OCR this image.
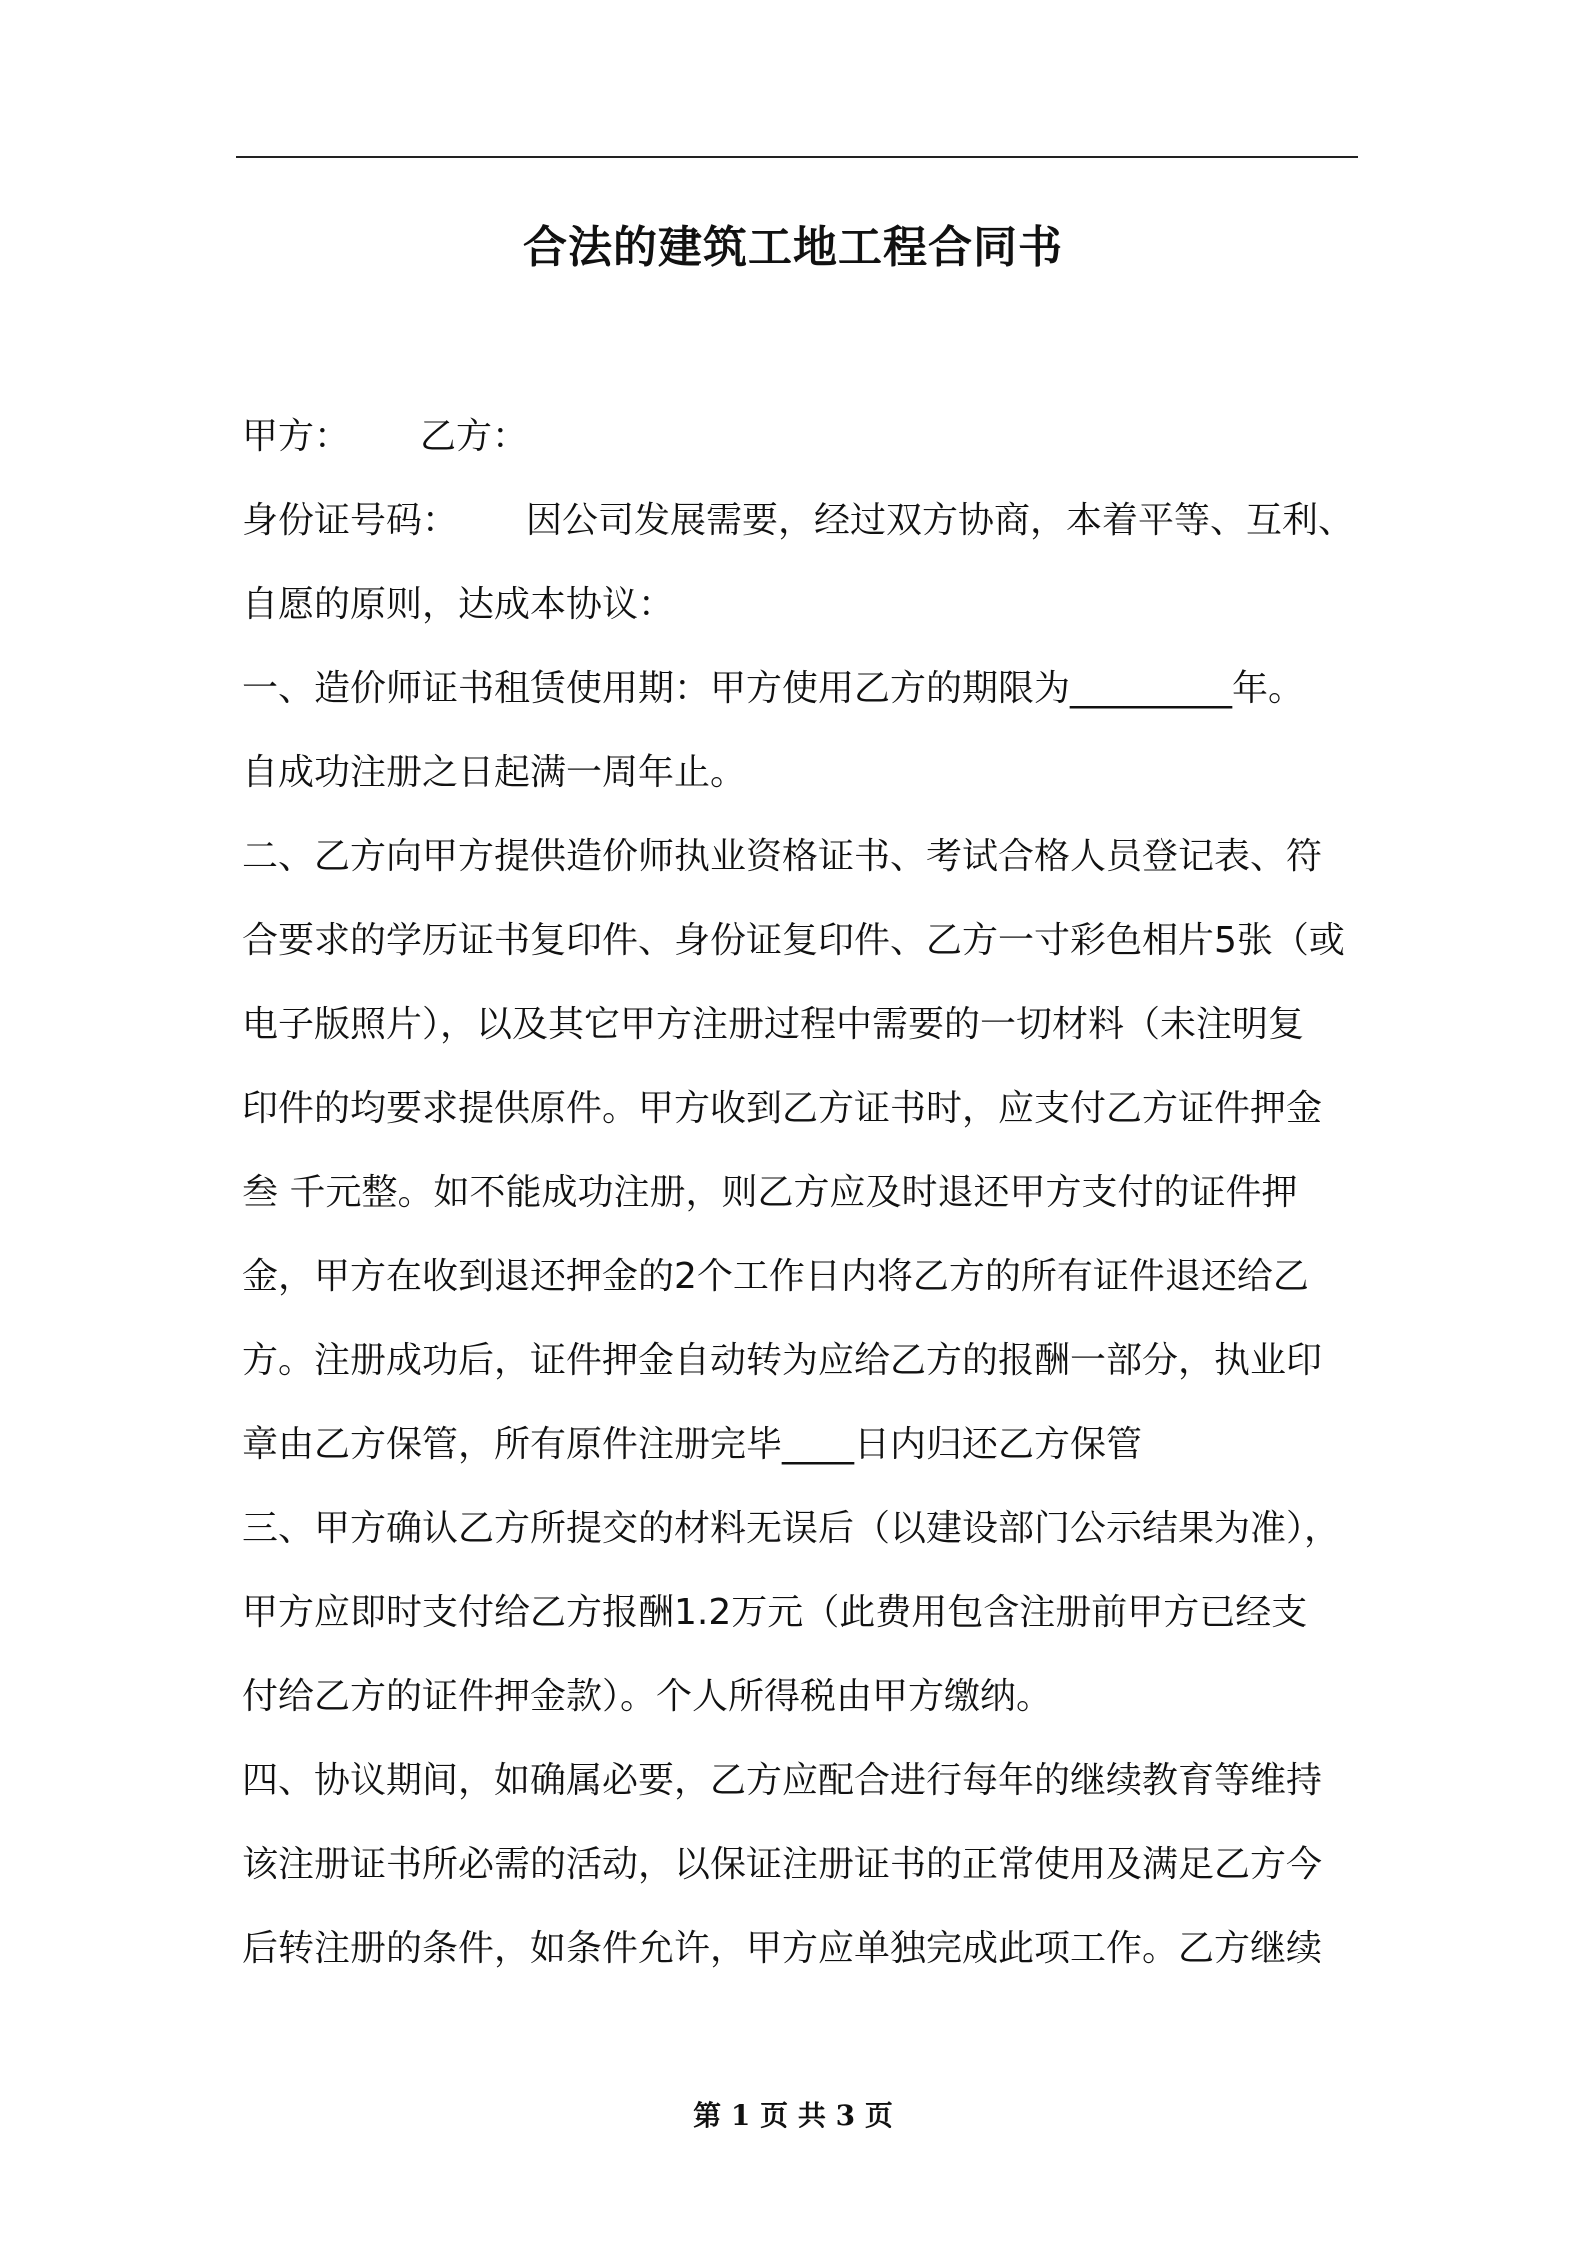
合法的建筑工地工程合同书
甲方： 乙方：
身份证号码： 因公司发展需要，经过双方协商，本着平等、互利、
自愿的原则，达成本协议：
一、造价师证书租赁使用期：甲方使用乙方的期限为_________年。
自成功注册之日起满一周年止。
二、乙方向甲方提供造价师执业资格证书、考试合格人员登记表、符
合要求的学历证书复印件、身份证复印件、乙方一寸彩色相片5张（或
电子版照片），以及其它甲方注册过程中需要的一切材料（未注明复
印件的均要求提供原件。甲方收到乙方证书时，应支付乙方证件押金
叁 千元整。如不能成功注册，则乙方应及时退还甲方支付的证件押
金，甲方在收到退还押金的2个工作日内将乙方的所有证件退还给乙
方。注册成功后，证件押金自动转为应给乙方的报酬一部分，执业印
章由乙方保管，所有原件注册完毕____日内归还乙方保管
三、甲方确认乙方所提交的材料无误后（以建设部门公示结果为准），
甲方应即时支付给乙方报酬1.2万元（此费用包含注册前甲方已经支
付给乙方的证件押金款）。个人所得税由甲方缴纳。
四、协议期间，如确属必要，乙方应配合进行每年的继续教育等维持
该注册证书所必需的活动，以保证注册证书的正常使用及满足乙方今
后转注册的条件，如条件允许，甲方应单独完成此项工作。乙方继续
第 1 页 共 3 页
